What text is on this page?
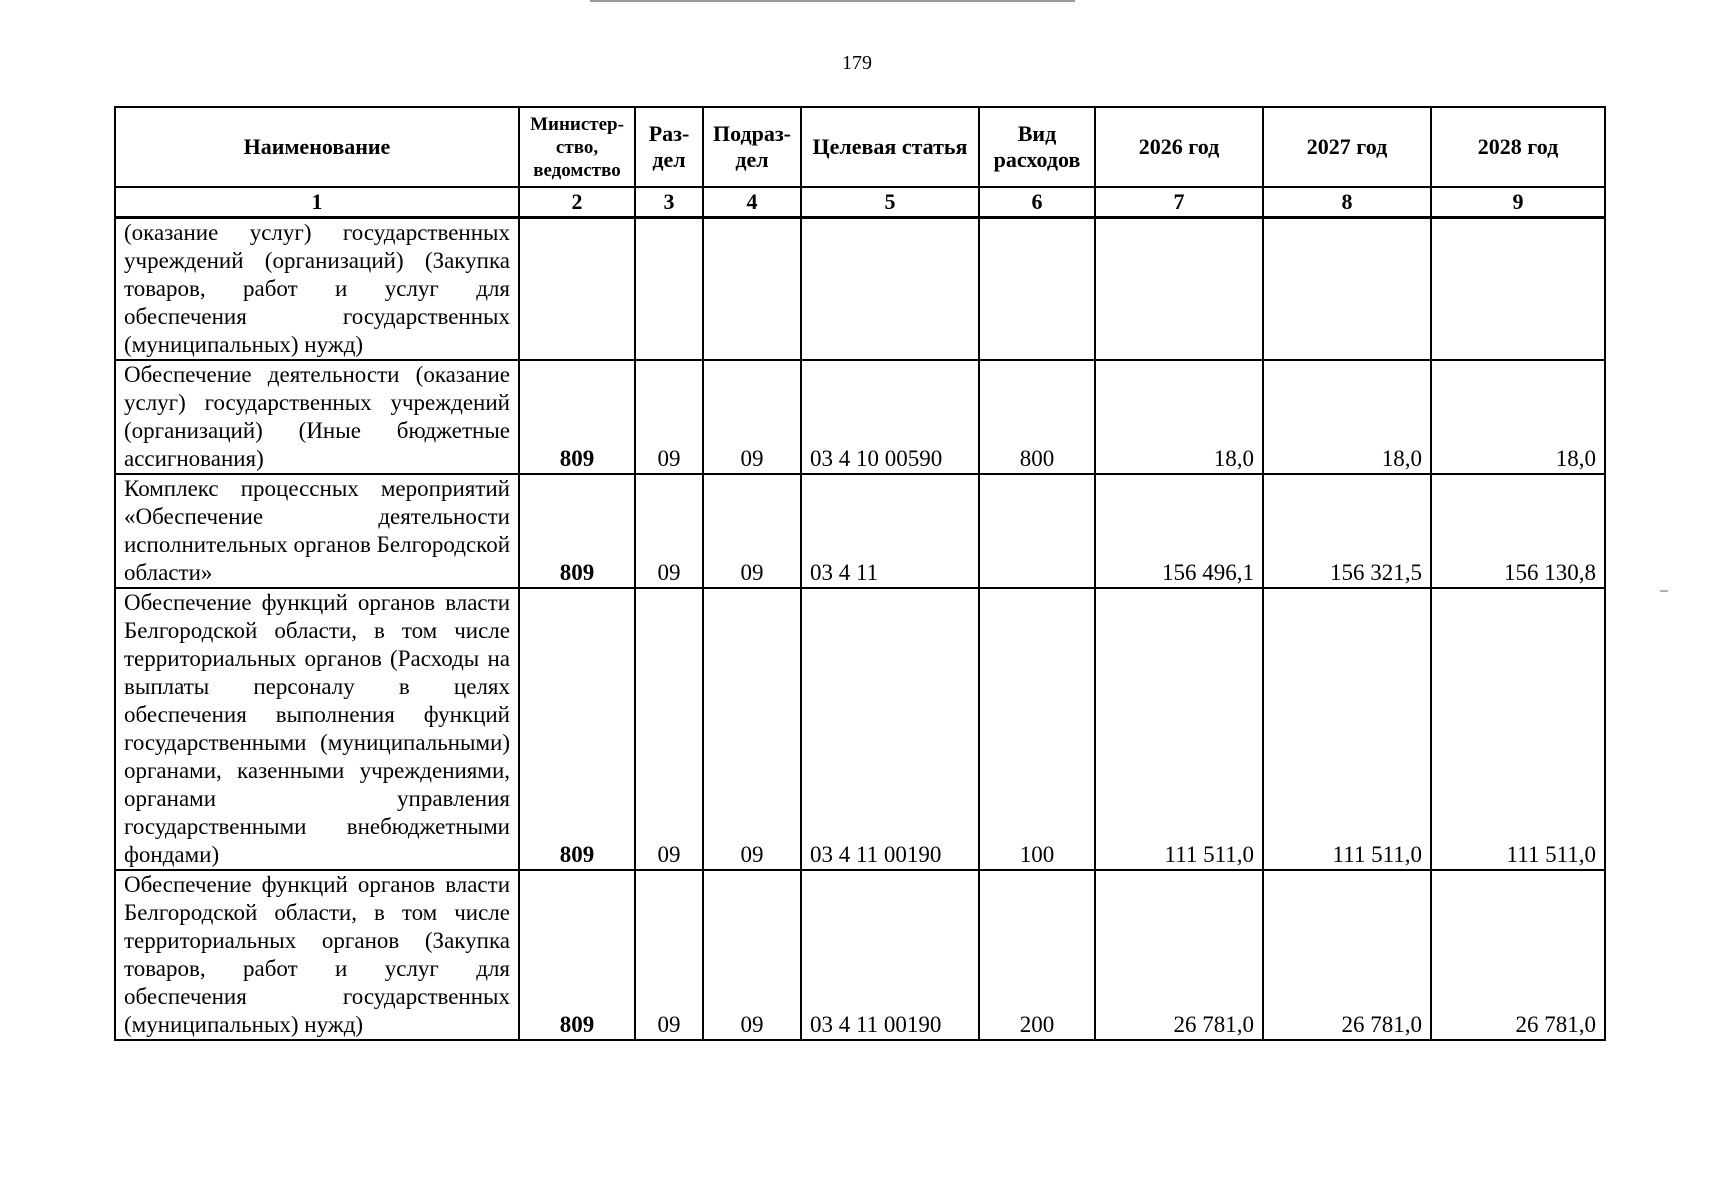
179
Наименование	Министер-ство, ведомство	Раз-дел	Подраз-дел	Целевая статья	Вид расходов	2026 год	2027 год	2028 год
1	2	3	4	5	6	7	8	9
(оказание услуг) государственных учреждений (организаций) (Закупка товаров, работ и услуг для обеспечения государственных (муниципальных) нужд)								
Обеспечение деятельности (оказание услуг) государственных учреждений (организаций) (Иные бюджетные ассигнования)	809	09	09	03 4 10 00590	800	18,0	18,0	18,0
Комплекс процессных мероприятий «Обеспечение деятельности исполнительных органов Белгородской области»	809	09	09	03 4 11		156 496,1	156 321,5	156 130,8
Обеспечение функций органов власти Белгородской области, в том числе территориальных органов (Расходы на выплаты персоналу в целях обеспечения выполнения функций государственными (муниципальными) органами, казенными учреждениями, органами управления государственными внебюджетными фондами)	809	09	09	03 4 11 00190	100	111 511,0	111 511,0	111 511,0
Обеспечение функций органов власти Белгородской области, в том числе территориальных органов (Закупка товаров, работ и услуг для обеспечения государственных (муниципальных) нужд)	809	09	09	03 4 11 00190	200	26 781,0	26 781,0	26 781,0
